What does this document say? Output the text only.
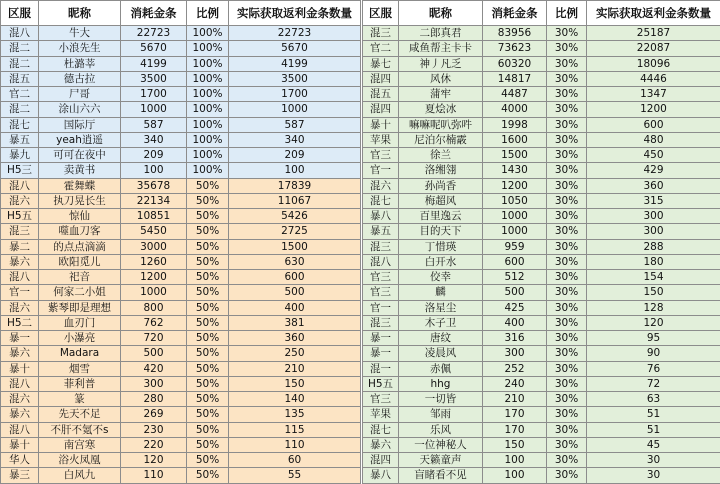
区服	昵称	消耗金条	比例	实际获取返利金条数量
混八	牛大	22723	100%	22723
混二	小浪先生	5670	100%	5670
混二	杜潞莘	4199	100%	4199
混五	德古拉	3500	100%	3500
官二	尸哥	1700	100%	1700
混二	涂山六六	1000	100%	1000
混七	国际厅	587	100%	587
暴五	yeah逍遥	340	100%	340
暴九	可可在夜中	209	100%	209
H5三	卖黄书	100	100%	100
混八	霍舞蝶	35678	50%	17839
混六	执刀晃长生	22134	50%	11067
H5五	惊仙	10851	50%	5426
混三	噬血刀客	5450	50%	2725
暴二	的点点滴滴	3000	50%	1500
暴六	欧阳觅儿	1260	50%	630
混八	祀音	1200	50%	600
官一	何家二小姐	1000	50%	500
混六	紫琴即是理想	800	50%	400
H5二	血刃门	762	50%	381
暴一	小瀑亮	720	50%	360
暴六	Madara	500	50%	250
暴十	烟雪	420	50%	210
混八	菲利普	300	50%	150
混六	篆	280	50%	140
暴六	先天不足	269	50%	135
混八	不肝不氪不s	230	50%	115
暴十	南宫寒	220	50%	110
华人	浴火凤凰	120	50%	60
暴三	白风九	110	50%	55
区服	昵称	消耗金条	比例	实际获取返利金条数量
混三	二郎真君	83956	30%	25187
官二	咸鱼帮主卡卡	73623	30%	22087
暴七	神丿凡乏	60320	30%	18096
混四	风休	14817	30%	4446
混五	蒲牢	4487	30%	1347
混四	夏烩冰	4000	30%	1200
暴十	嘛嘛呢叭弥吽	1998	30%	600
苹果	尼泊尔楠霰	1600	30%	480
官三	徐兰	1500	30%	450
官一	洛缃翎	1430	30%	429
混六	孙尚香	1200	30%	360
混七	梅超风	1050	30%	315
暴八	百里逸云	1000	30%	300
暴五	目的天下	1000	30%	300
混三	丁惜瑛	959	30%	288
混八	白开水	600	30%	180
官三	佼幸	512	30%	154
官三	麟	500	30%	150
官一	洛星尘	425	30%	128
混三	木子卫	400	30%	120
暴一	唐纹	316	30%	95
暴一	凌晨风	300	30%	90
混一	赤佩	252	30%	76
H5五	hhg	240	30%	72
官三	一切皆	210	30%	63
苹果	邹雨	170	30%	51
混七	乐风	170	30%	51
暴六	一位神秘人	150	30%	45
混四	天籁童声	100	30%	30
暴八	盲睹看不见	100	30%	30
